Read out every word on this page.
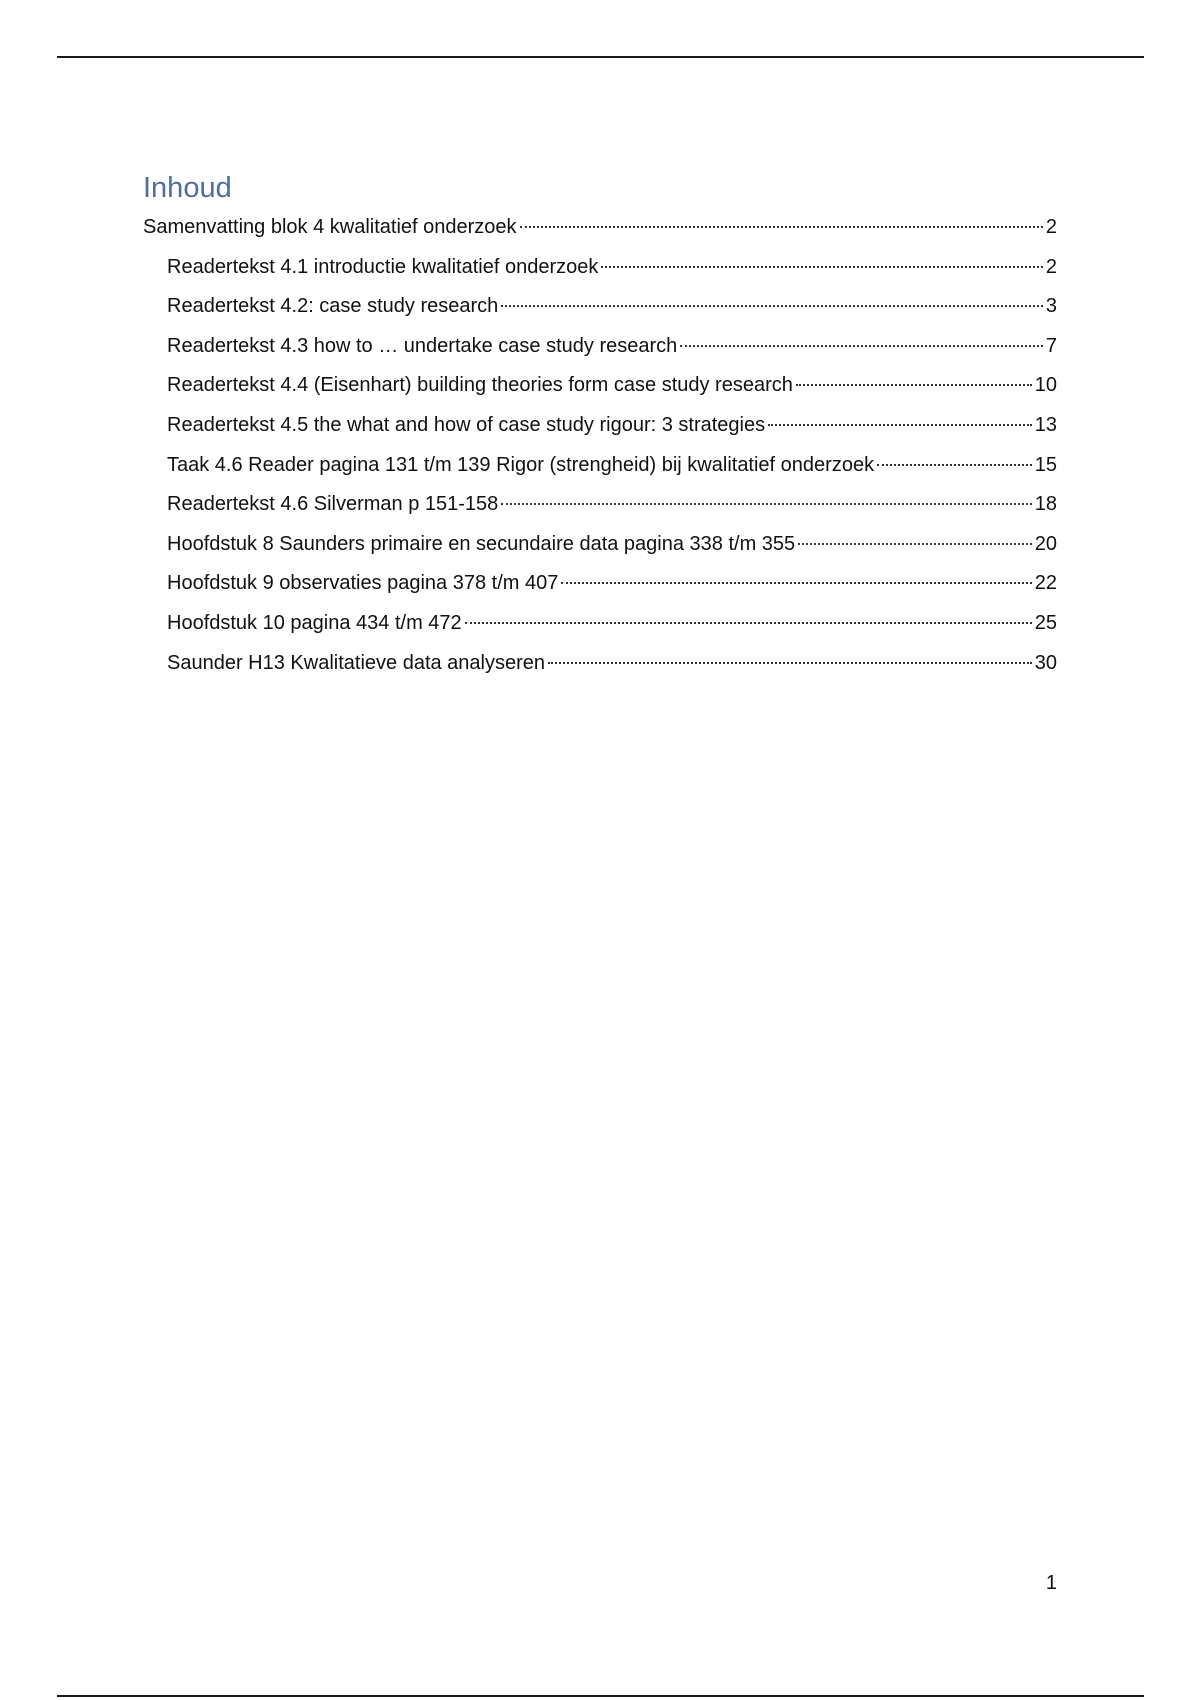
Inhoud
Samenvatting blok 4 kwalitatief onderzoek	2
Readertekst 4.1 introductie kwalitatief onderzoek	2
Readertekst 4.2: case study research	3
Readertekst 4.3 how to … undertake case study research	7
Readertekst 4.4 (Eisenhart) building theories form case study research	10
Readertekst 4.5 the what and how of case study rigour: 3 strategies	13
Taak 4.6 Reader pagina 131 t/m 139 Rigor (strengheid) bij kwalitatief onderzoek	15
Readertekst 4.6 Silverman p 151-158	18
Hoofdstuk 8 Saunders primaire en secundaire data pagina 338 t/m 355	20
Hoofdstuk 9 observaties pagina 378 t/m 407	22
Hoofdstuk 10 pagina 434 t/m 472	25
Saunder H13 Kwalitatieve data analyseren	30
1
